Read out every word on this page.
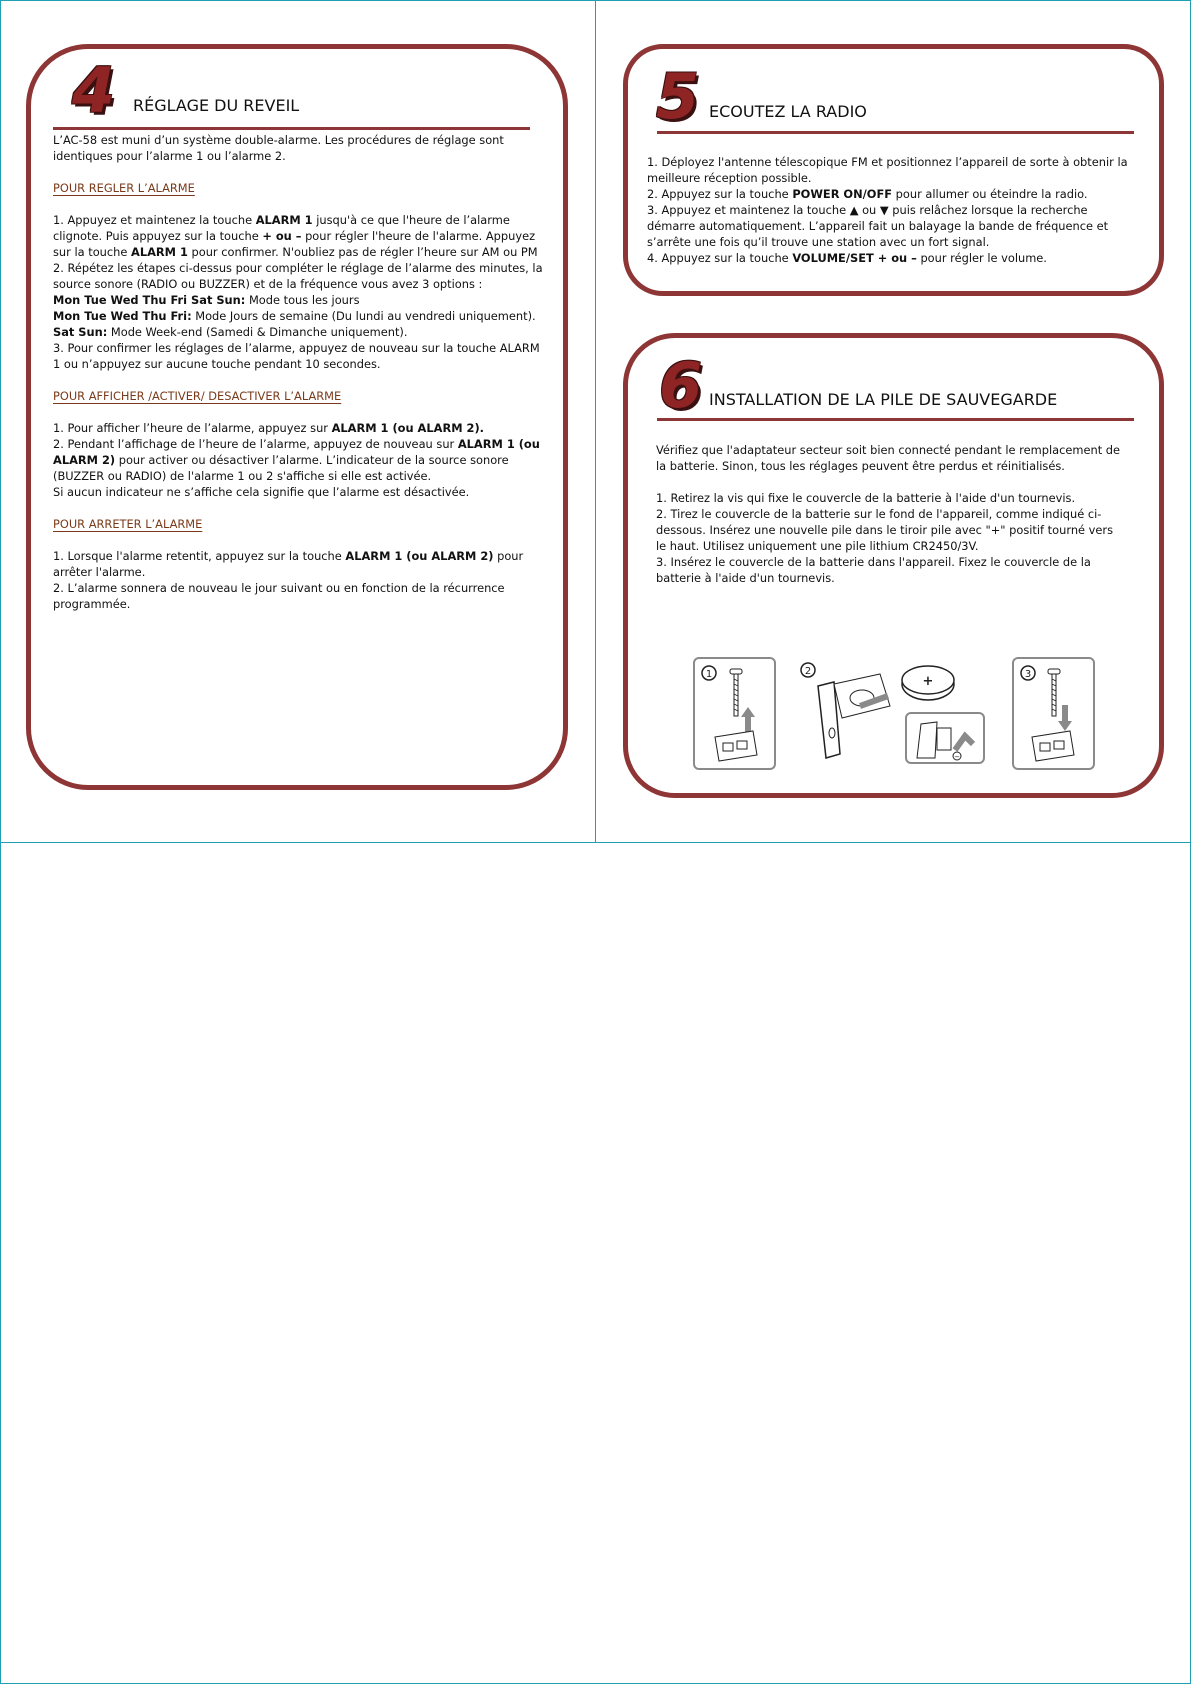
4 RÉGLAGE DU REVEIL

L’AC-58 est muni d’un système double-alarme. Les procédures de réglage sont identiques pour l’alarme 1 ou l’alarme 2.

POUR REGLER L’ALARME

1. Appuyez et maintenez la touche ALARM 1 jusqu'à ce que l'heure de l’alarme clignote. Puis appuyez sur la touche + ou – pour régler l'heure de l'alarme. Appuyez sur la touche ALARM 1 pour confirmer. N'oubliez pas de régler l’heure sur AM ou PM

2. Répétez les étapes ci-dessus pour compléter le réglage de l’alarme des minutes, la source sonore (RADIO ou BUZZER) et de la fréquence vous avez 3 options :

Mon Tue Wed Thu Fri Sat Sun: Mode tous les jours

Mon Tue Wed Thu Fri: Mode Jours de semaine (Du lundi au vendredi uniquement).

Sat Sun: Mode Week-end (Samedi & Dimanche uniquement).

3. Pour confirmer les réglages de l’alarme, appuyez de nouveau sur la touche ALARM 1 ou n’appuyez sur aucune touche pendant 10 secondes.

POUR AFFICHER /ACTIVER/ DESACTIVER L’ALARME

1. Pour afficher l’heure de l’alarme, appuyez sur ALARM 1 (ou ALARM 2).

2. Pendant l’affichage de l’heure de l’alarme, appuyez de nouveau sur ALARM 1 (ou ALARM 2) pour activer ou désactiver l’alarme. L’indicateur de la source sonore (BUZZER ou RADIO) de l'alarme 1 ou 2 s'affiche si elle est activée.

Si aucun indicateur ne s’affiche cela signifie que l’alarme est désactivée.

POUR ARRETER L’ALARME

1. Lorsque l'alarme retentit, appuyez sur la touche ALARM 1 (ou ALARM 2) pour arrêter l'alarme.

2. L’alarme sonnera de nouveau le jour suivant ou en fonction de la récurrence programmée.

5 ECOUTEZ LA RADIO

1. Déployez l'antenne télescopique FM et positionnez l’appareil de sorte à obtenir la meilleure réception possible.

2. Appuyez sur la touche POWER ON/OFF pour allumer ou éteindre la radio.

3. Appuyez et maintenez la touche ▲ ou ▼ puis relâchez lorsque la recherche démarre automatiquement. L’appareil fait un balayage la bande de fréquence et s’arrête une fois qu’il trouve une station avec un fort signal.

4. Appuyez sur la touche VOLUME/SET + ou – pour régler le volume.

6 INSTALLATION DE LA PILE DE SAUVEGARDE

Vérifiez que l'adaptateur secteur soit bien connecté pendant le remplacement de la batterie. Sinon, tous les réglages peuvent être perdus et réinitialisés.

1. Retirez la vis qui fixe le couvercle de la batterie à l'aide d'un tournevis.

2. Tirez le couvercle de la batterie sur le fond de l'appareil, comme indiqué ci-dessous. Insérez une nouvelle pile dans le tiroir pile avec "+" positif tourné vers le haut. Utilisez uniquement une pile lithium CR2450/3V.

3. Insérez le couvercle de la batterie dans l'appareil. Fixez le couvercle de la batterie à l'aide d'un tournevis.

1	2
+
−
3
